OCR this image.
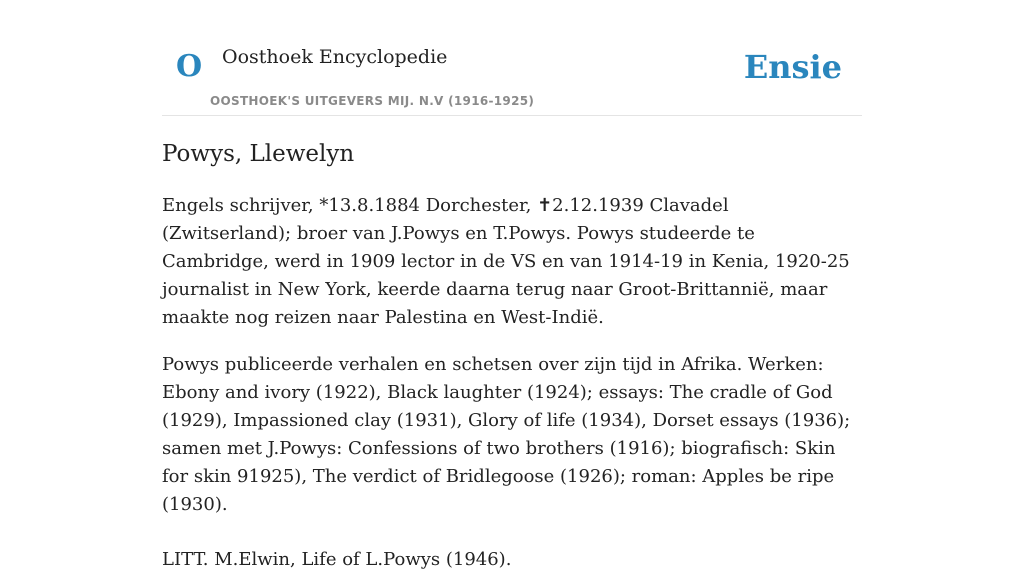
O Oosthoek Encyclopedie
OOSTHOEK'S UITGEVERS MIJ. N.V (1916-1925)
Ensie
Powys, Llewelyn

Engels schrijver, *13.8.1884 Dorchester, ✝2.12.1939 Clavadel (Zwitserland); broer van J.Powys en T.Powys. Powys studeerde te Cambridge, werd in 1909 lector in de VS en van 1914-19 in Kenia, 1920-25 journalist in New York, keerde daarna terug naar Groot-Brittannië, maar maakte nog reizen naar Palestina en West-Indië.

Powys publiceerde verhalen en schetsen over zijn tijd in Afrika. Werken: Ebony and ivory (1922), Black laughter (1924); essays: The cradle of God (1929), Impassioned clay (1931), Glory of life (1934), Dorset essays (1936); samen met J.Powys: Confessions of two brothers (1916); biografisch: Skin for skin 91925), The verdict of Bridlegoose (1926); roman: Apples be ripe (1930).

LITT. M.Elwin, Life of L.Powys (1946).
